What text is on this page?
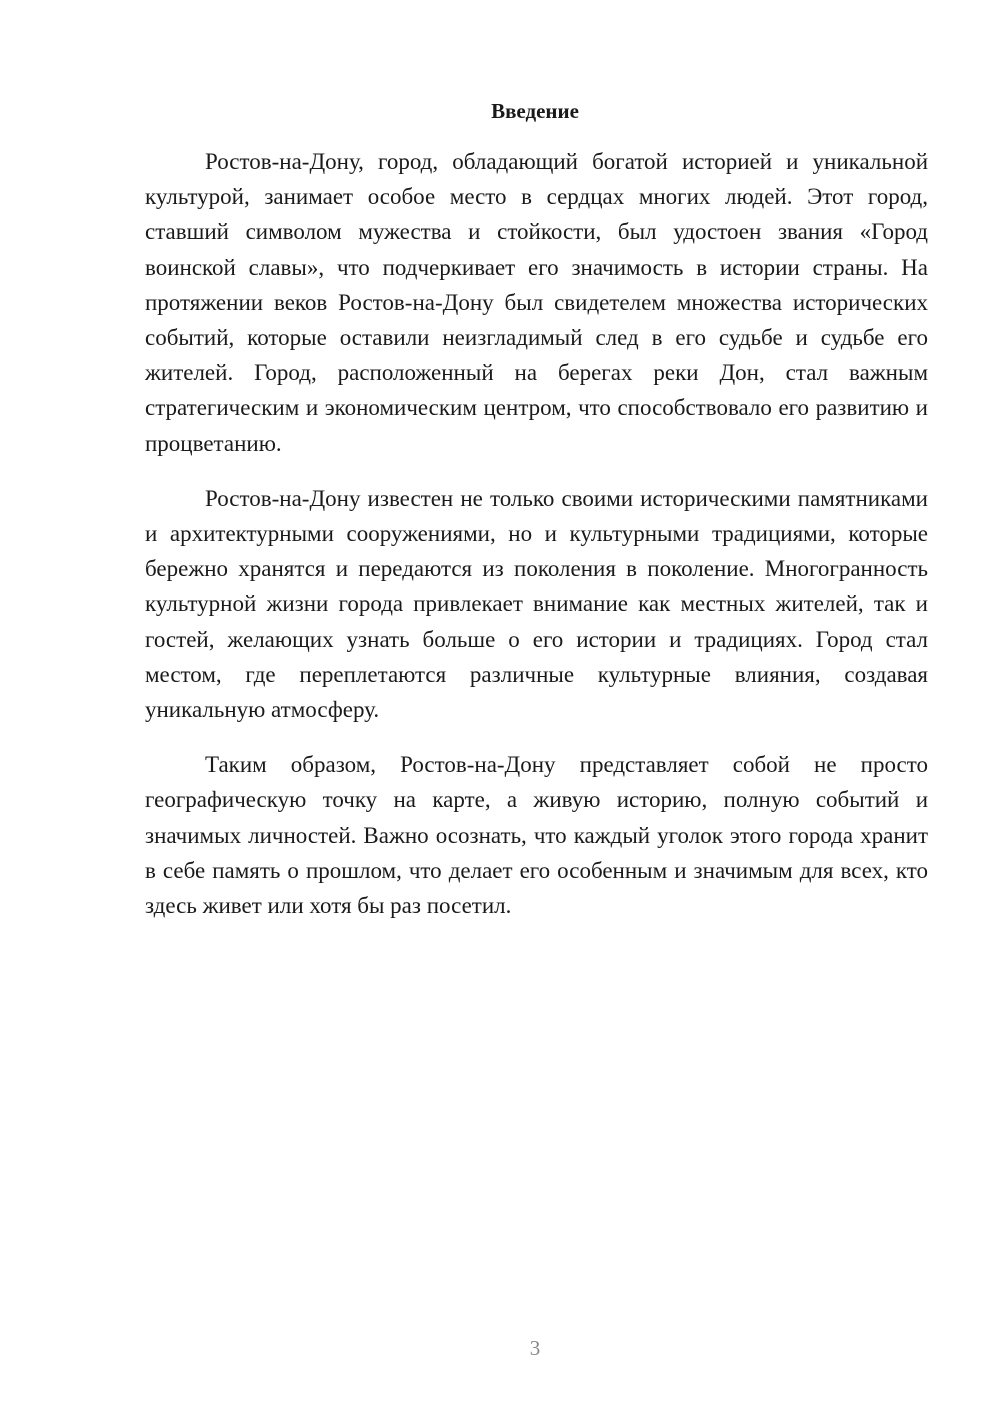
Введение

Ростов-на-Дону, город, обладающий богатой историей и уникальной культурой, занимает особое место в сердцах многих людей. Этот город, ставший символом мужества и стойкости, был удостоен звания «Город воинской славы», что подчеркивает его значимость в истории страны. На протяжении веков Ростов-на-Дону был свидетелем множества исторических событий, которые оставили неизгладимый след в его судьбе и судьбе его жителей. Город, расположенный на берегах реки Дон, стал важным стратегическим и экономическим центром, что способствовало его развитию и процветанию.

Ростов-на-Дону известен не только своими историческими памятниками и архитектурными сооружениями, но и культурными традициями, которые бережно хранятся и передаются из поколения в поколение. Многогранность культурной жизни города привлекает внимание как местных жителей, так и гостей, желающих узнать больше о его истории и традициях. Город стал местом, где переплетаются различные культурные влияния, создавая уникальную атмосферу.

Таким образом, Ростов-на-Дону представляет собой не просто географическую точку на карте, а живую историю, полную событий и значимых личностей. Важно осознать, что каждый уголок этого города хранит в себе память о прошлом, что делает его особенным и значимым для всех, кто здесь живет или хотя бы раз посетил.

3
